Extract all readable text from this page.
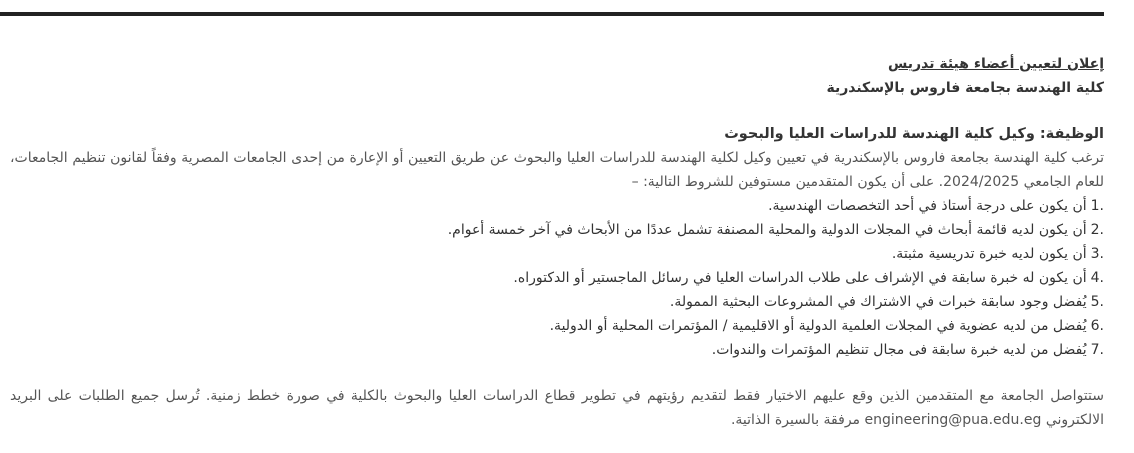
إعلان لتعيين أعضاء هيئة تدريس
كلية الهندسة بجامعة فاروس بالإسكندرية
الوظيفة: وكيل كلية الهندسة للدراسات العليا والبحوث
ترغب كلية الهندسة بجامعة فاروس بالإسكندرية في تعيين وكيل لكلية الهندسة للدراسات العليا والبحوث عن طريق التعيين أو الإعارة من إحدى الجامعات المصرية وفقاً لقانون تنظيم الجامعات، للعام الجامعي 2024/2025. على أن يكون المتقدمين مستوفين للشروط التالية: –
1.
أن يكون على درجة أستاذ في أحد التخصصات الهندسية.
2.
أن يكون لديه قائمة أبحاث في المجلات الدولية والمحلية المصنفة تشمل عددًا من الأبحاث في آخر خمسة أعوام.
3.
أن يكون لديه خبرة تدريسية مثبتة.
4.
أن يكون له خبرة سابقة في الإشراف على طلاب الدراسات العليا في رسائل الماجستير أو الدكتوراه.
5.
يُفضل وجود سابقة خبرات في الاشتراك في المشروعات البحثية الممولة.
6.
يُفضل من لديه عضوية في المجلات العلمية الدولية أو الاقليمية / المؤتمرات المحلية أو الدولية.
7.
يُفضل من لديه خبرة سابقة فى مجال تنظيم المؤتمرات والندوات.
ستتواصل الجامعة مع المتقدمين الذين وقع عليهم الاختيار فقط لتقديم رؤيتهم في تطوير قطاع الدراسات العليا والبحوث بالكلية في صورة خطط زمنية. تُرسل جميع الطلبات على البريد الالكتروني engineering@pua.edu.eg مرفقة بالسيرة الذاتية.
